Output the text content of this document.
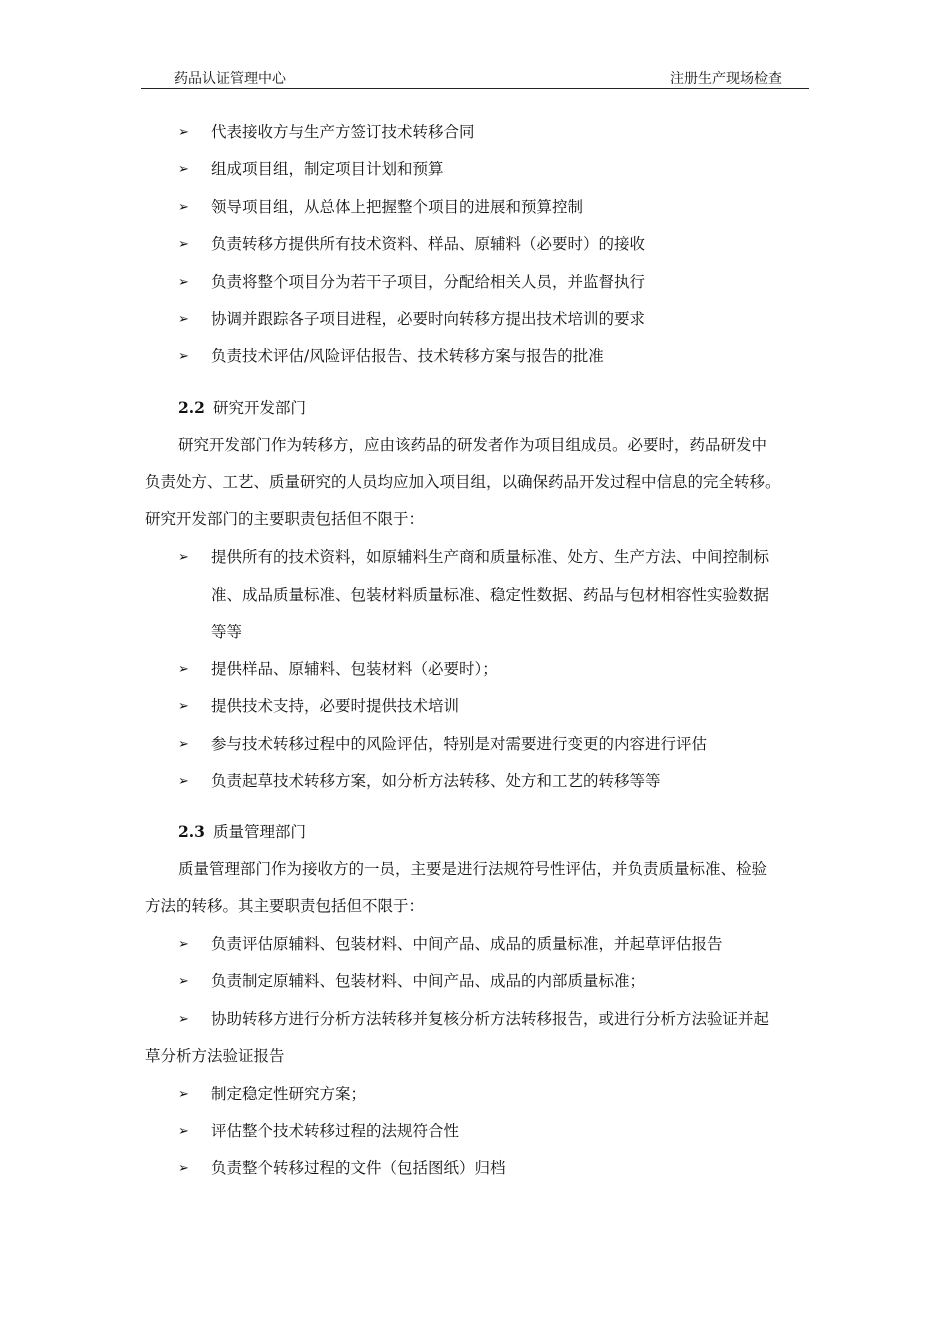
药品认证管理中心	注册生产现场检查
➢ 代表接收方与生产方签订技术转移合同
➢ 组成项目组，制定项目计划和预算
➢ 领导项目组，从总体上把握整个项目的进展和预算控制
➢ 负责转移方提供所有技术资料、样品、原辅料（必要时）的接收
➢ 负责将整个项目分为若干子项目，分配给相关人员，并监督执行
➢ 协调并跟踪各子项目进程，必要时向转移方提出技术培训的要求
➢ 负责技术评估/风险评估报告、技术转移方案与报告的批准
2.2 研究开发部门
研究开发部门作为转移方，应由该药品的研发者作为项目组成员。必要时，药品研发中
负责处方、工艺、质量研究的人员均应加入项目组，以确保药品开发过程中信息的完全转移。
研究开发部门的主要职责包括但不限于：
➢ 提供所有的技术资料，如原辅料生产商和质量标准、处方、生产方法、中间控制标
准、成品质量标准、包装材料质量标准、稳定性数据、药品与包材相容性实验数据
等等
➢ 提供样品、原辅料、包装材料（必要时）；
➢ 提供技术支持，必要时提供技术培训
➢ 参与技术转移过程中的风险评估，特别是对需要进行变更的内容进行评估
➢ 负责起草技术转移方案，如分析方法转移、处方和工艺的转移等等
2.3 质量管理部门
质量管理部门作为接收方的一员，主要是进行法规符号性评估，并负责质量标准、检验
方法的转移。其主要职责包括但不限于：
➢ 负责评估原辅料、包装材料、中间产品、成品的质量标准，并起草评估报告
➢ 负责制定原辅料、包装材料、中间产品、成品的内部质量标准；
➢ 协助转移方进行分析方法转移并复核分析方法转移报告，或进行分析方法验证并起
草分析方法验证报告
➢ 制定稳定性研究方案；
➢ 评估整个技术转移过程的法规符合性
➢ 负责整个转移过程的文件（包括图纸）归档
